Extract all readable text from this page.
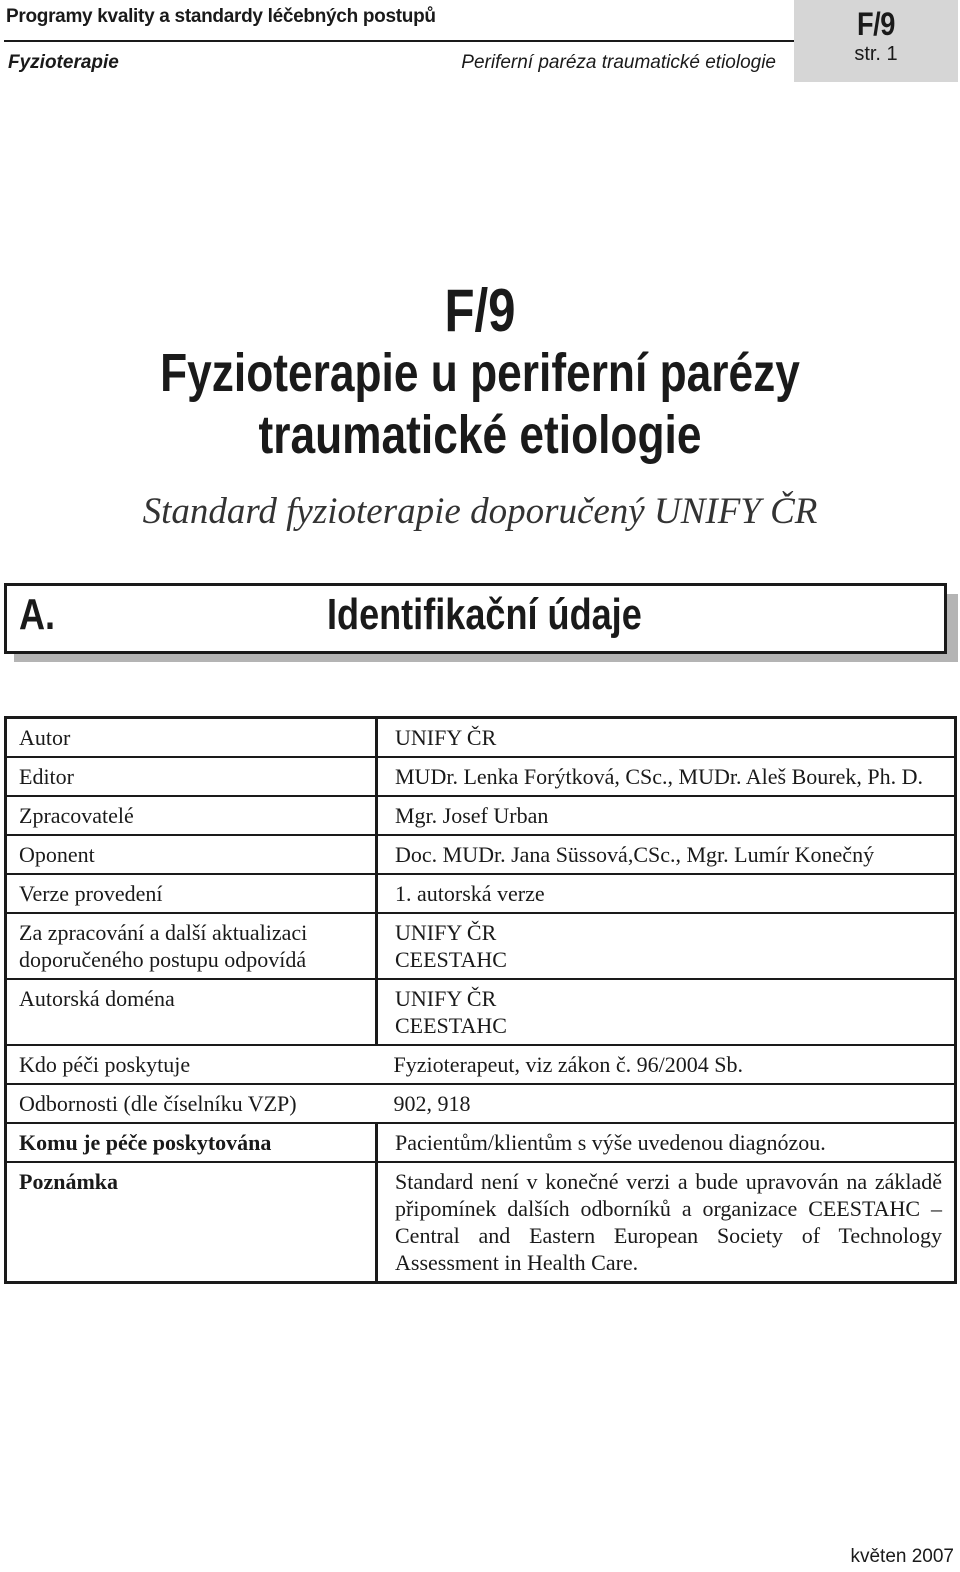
Programy kvality a standardy léčebných postupů
Fyzioterapie	Periferní paréza traumatické etiologie
F/9
str. 1
F/9
Fyzioterapie u periferní parézy
traumatické etiologie
Standard fyzioterapie doporučený UNIFY ČR
A.	Identifikační údaje
Autor	UNIFY ČR
Editor	MUDr. Lenka Forýtková, CSc., MUDr. Aleš Bourek, Ph. D.
Zpracovatelé	Mgr. Josef Urban
Oponent	Doc. MUDr. Jana Süssová,CSc., Mgr. Lumír Konečný
Verze provedení	1. autorská verze

Za zpracování a další aktualizaci
doporučeného postupu odpovídá	UNIFY ČR
CEESTAHC

Autorská doména	UNIFY ČR
CEESTAHC

Kdo péči poskytuje	Fyzioterapeut, viz zákon č. 96/2004 Sb.
Odbornosti (dle číselníku VZP)	902, 918
Komu je péče poskytována	Pacientům/klientům s výše uvedenou diagnózou.
Poznámka	Standard není v konečné verzi a bude upravován na základě připomínek dalších odborníků a organizace CEESTAHC – Central and Eastern European Society of Technology Assessment in Health Care.
květen 2007
